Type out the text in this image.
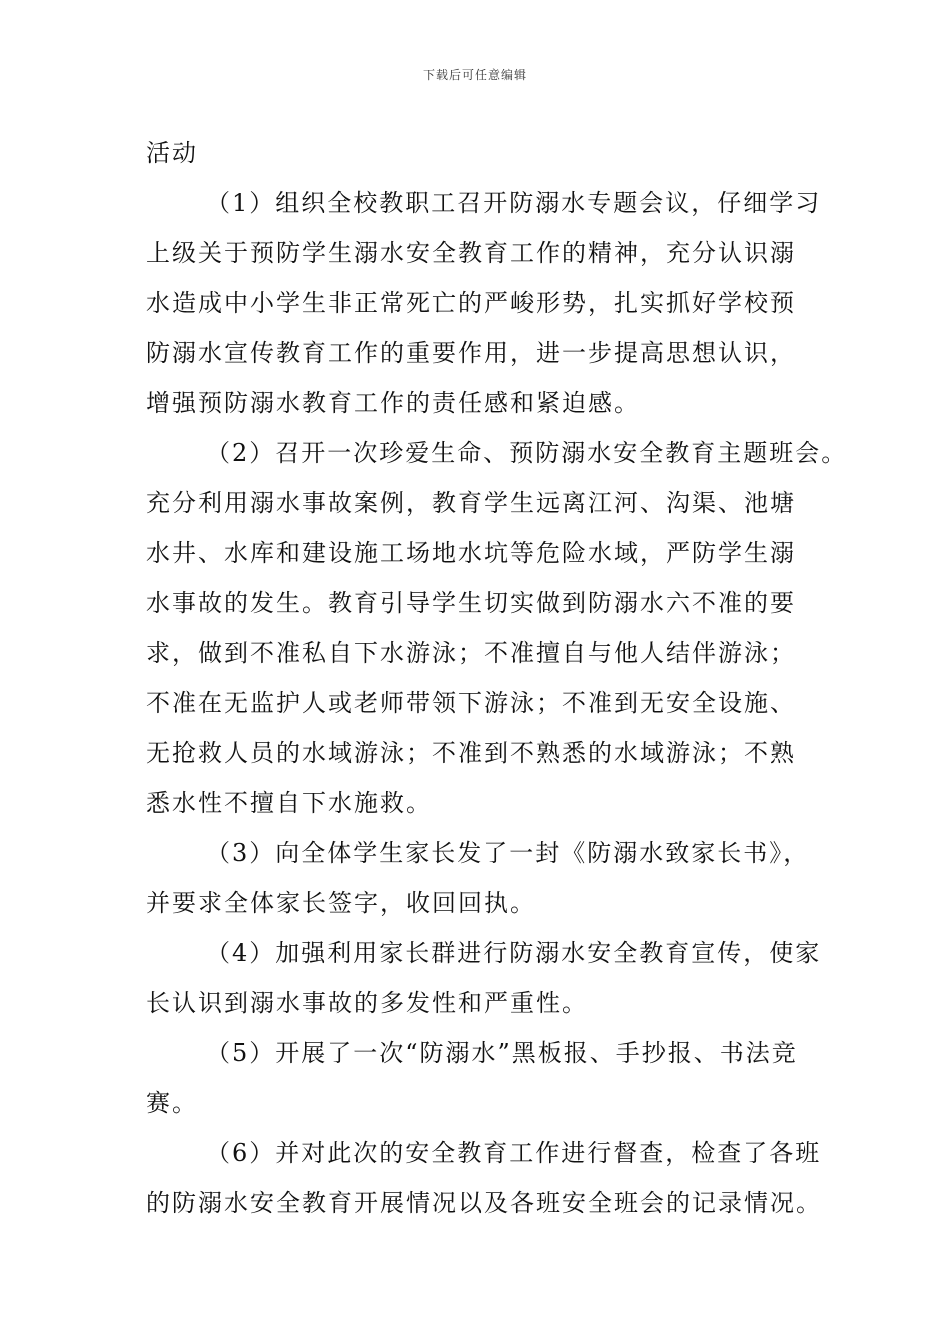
下载后可任意编辑
活动
（1）组织全校教职工召开防溺水专题会议，仔细学习
上级关于预防学生溺水安全教育工作的精神，充分认识溺
水造成中小学生非正常死亡的严峻形势，扎实抓好学校预
防溺水宣传教育工作的重要作用，进一步提高思想认识，
增强预防溺水教育工作的责任感和紧迫感。
（2）召开一次珍爱生命、预防溺水安全教育主题班会。
充分利用溺水事故案例，教育学生远离江河、沟渠、池塘
水井、水库和建设施工场地水坑等危险水域，严防学生溺
水事故的发生。教育引导学生切实做到防溺水六不准的要
求，做到不准私自下水游泳；不准擅自与他人结伴游泳；
不准在无监护人或老师带领下游泳；不准到无安全设施、
无抢救人员的水域游泳；不准到不熟悉的水域游泳；不熟
悉水性不擅自下水施救。
（3）向全体学生家长发了一封《防溺水致家长书》，
并要求全体家长签字，收回回执。
（4）加强利用家长群进行防溺水安全教育宣传，使家
长认识到溺水事故的多发性和严重性。
（5）开展了一次“防溺水”黑板报、手抄报、书法竞
赛。
（6）并对此次的安全教育工作进行督查，检查了各班
的防溺水安全教育开展情况以及各班安全班会的记录情况。
